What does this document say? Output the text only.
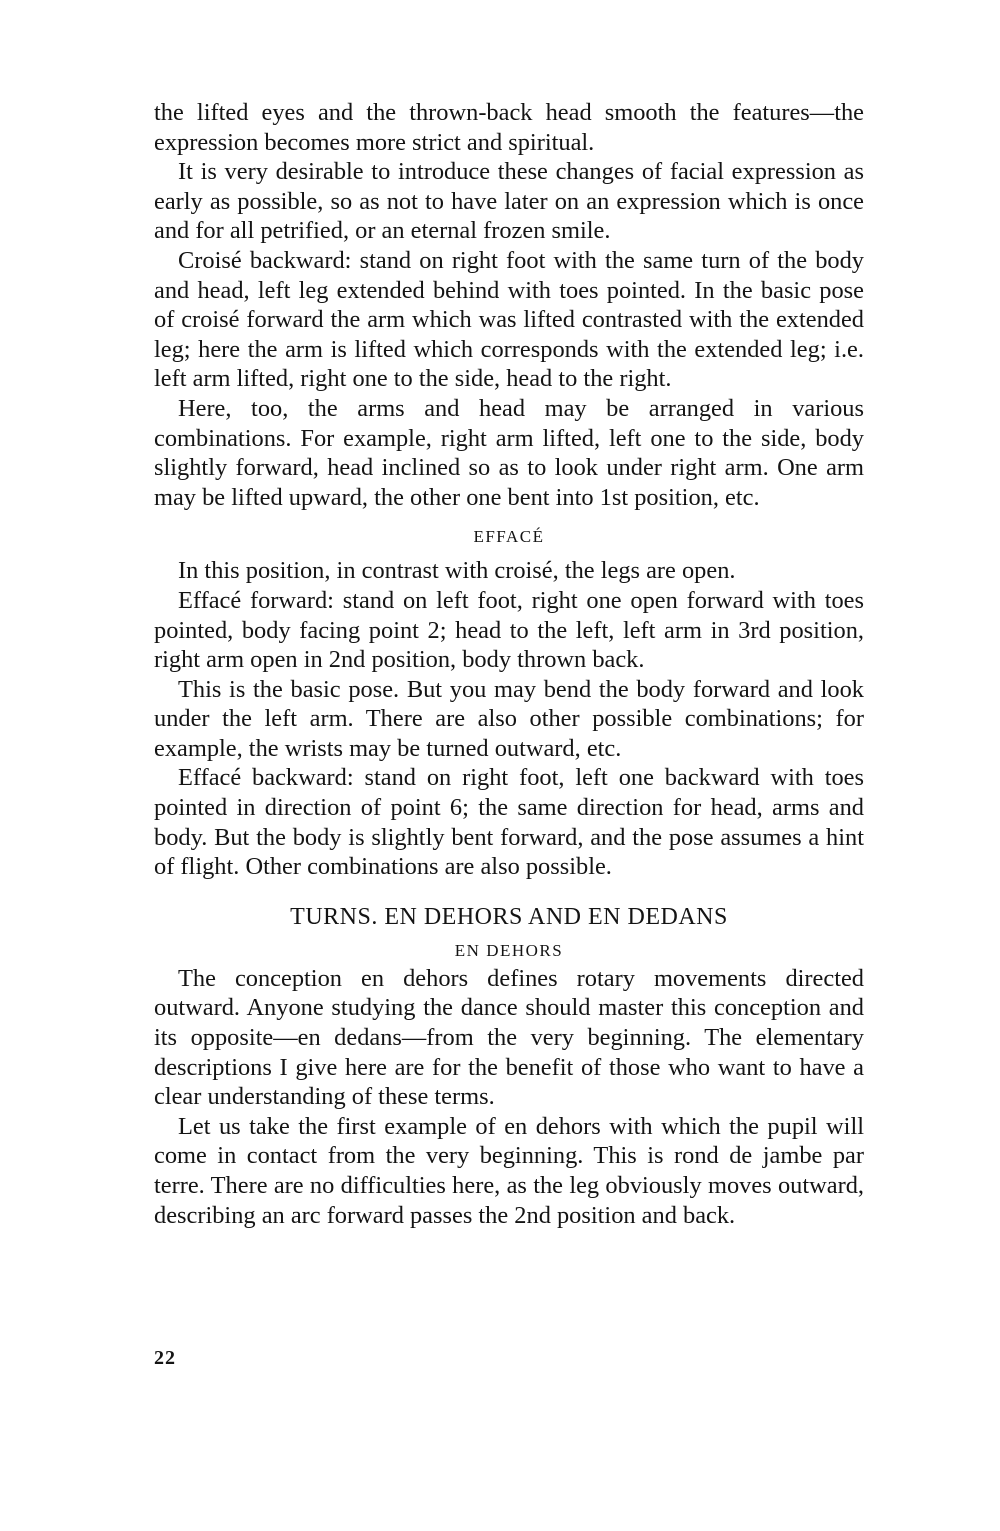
the lifted eyes and the thrown-back head smooth the features—the expression becomes more strict and spiritual.

It is very desirable to introduce these changes of facial expression as early as possible, so as not to have later on an expression which is once and for all petrified, or an eternal frozen smile.

Croisé backward: stand on right foot with the same turn of the body and head, left leg extended behind with toes pointed. In the basic pose of croisé forward the arm which was lifted contrasted with the extended leg; here the arm is lifted which corresponds with the extended leg; i.e. left arm lifted, right one to the side, head to the right.

Here, too, the arms and head may be arranged in various combinations. For example, right arm lifted, left one to the side, body slightly forward, head inclined so as to look under right arm. One arm may be lifted upward, the other one bent into 1st position, etc.

EFFACÉ

In this position, in contrast with croisé, the legs are open.

Effacé forward: stand on left foot, right one open forward with toes pointed, body facing point 2; head to the left, left arm in 3rd position, right arm open in 2nd position, body thrown back.

This is the basic pose. But you may bend the body forward and look under the left arm. There are also other possible combinations; for example, the wrists may be turned outward, etc.

Effacé backward: stand on right foot, left one backward with toes pointed in direction of point 6; the same direction for head, arms and body. But the body is slightly bent forward, and the pose assumes a hint of flight. Other combinations are also possible.

TURNS. EN DEHORS AND EN DEDANS
EN DEHORS

The conception en dehors defines rotary movements directed outward. Anyone studying the dance should master this conception and its opposite—en dedans—from the very beginning. The elementary descriptions I give here are for the benefit of those who want to have a clear understanding of these terms.

Let us take the first example of en dehors with which the pupil will come in contact from the very beginning. This is rond de jambe par terre. There are no difficulties here, as the leg obviously moves outward, describing an arc forward passes the 2nd position and back.

22
